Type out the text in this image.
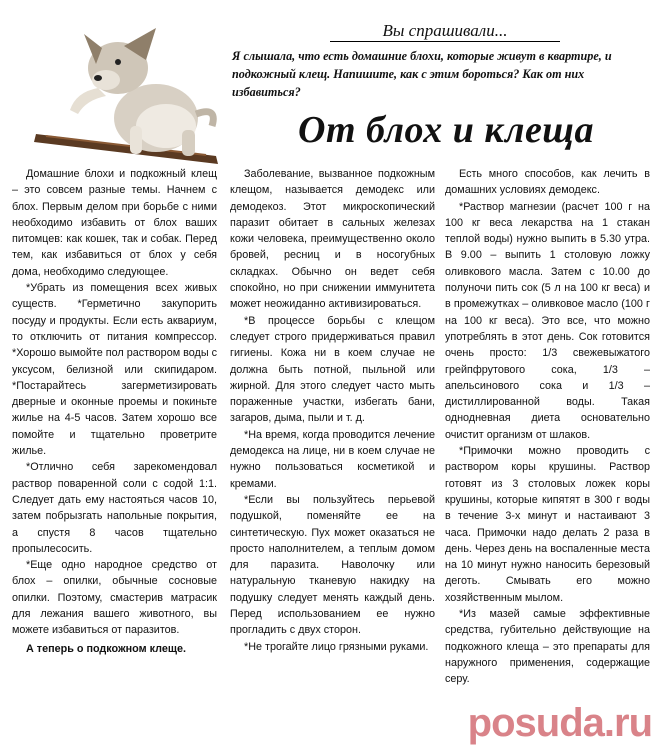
Вы спрашивали...
Я слышала, что есть домашние блохи, которые живут в квартире, и подкожный клещ. Напишите, как с этим бороться? Как от них избавиться?
От блох и клеща

Домашние блохи и подкожный клещ – это совсем разные темы. Начнем с блох. Первым делом при борьбе с ними необходимо избавить от блох ваших питомцев: как кошек, так и собак. Перед тем, как избавиться от блох у себя дома, необходимо следующее.

*Убрать из помещения всех живых существ. *Герметично закупорить посуду и продукты. Если есть аквариум, то отключить от питания компрессор. *Хорошо вымойте пол раствором воды с уксусом, белизной или скипидаром. *Постарайтесь загерметизировать дверные и оконные проемы и покиньте жилье на 4-5 часов. Затем хорошо все помойте и тщательно проветрите жилье.

*Отлично себя зарекомендовал раствор поваренной соли с содой 1:1. Следует дать ему настояться часов 10, затем побрызгать напольные покрытия, а спустя 8 часов тщательно пропылесосить.

*Еще одно народное средство от блох – опилки, обычные сосновые опилки. Поэтому, смастерив матрасик для лежания вашего животного, вы можете избавиться от паразитов.

А теперь о подкожном клеще.

Заболевание, вызванное подкожным клещом, называется демодекс или демодекоз. Этот микроскопический паразит обитает в сальных железах кожи человека, преимущественно около бровей, ресниц и в носогубных складках. Обычно он ведет себя спокойно, но при снижении иммунитета может неожиданно активизироваться.

*В процессе борьбы с клещом следует строго придерживаться правил гигиены. Кожа ни в коем случае не должна быть потной, пыльной или жирной. Для этого следует часто мыть пораженные участки, избегать бани, загаров, дыма, пыли и т. д.

*На время, когда проводится лечение демодекса на лице, ни в коем случае не нужно пользоваться косметикой и кремами.

*Если вы пользуйтесь перьевой подушкой, поменяйте ее на синтетическую. Пух может оказаться не просто наполнителем, а теплым домом для паразита. Наволочку или натуральную тканевую накидку на подушку следует менять каждый день. Перед использованием ее нужно прогладить с двух сторон.

*Не трогайте лицо грязными руками.

Есть много способов, как лечить в домашних условиях демодекс.

*Раствор магнезии (расчет 100 г на 100 кг веса лекарства на 1 стакан теплой воды) нужно выпить в 5.30 утра. В 9.00 – выпить 1 столовую ложку оливкового масла. Затем с 10.00 до полуночи пить сок (5 л на 100 кг веса) и в промежутках – оливковое масло (100 г на 100 кг веса). Это все, что можно употреблять в этот день. Сок готовится очень просто: 1/3 свежевыжатого грейпфрутового сока, 1/3 – апельсинового сока и 1/3 – дистиллированной воды. Такая однодневная диета основательно очистит организм от шлаков.

*Примочки можно проводить с раствором коры крушины. Раствор готовят из 3 столовых ложек коры крушины, которые кипятят в 300 г воды в течение 3-х минут и настаивают 3 часа. Примочки надо делать 2 раза в день. Через день на воспаленные места на 10 минут нужно наносить березовый деготь. Смывать его можно хозяйственным мылом.

*Из мазей самые эффективные средства, губительно действующие на подкожного клеща – это препараты для наружного применения, содержащие серу.

posuda.ru
